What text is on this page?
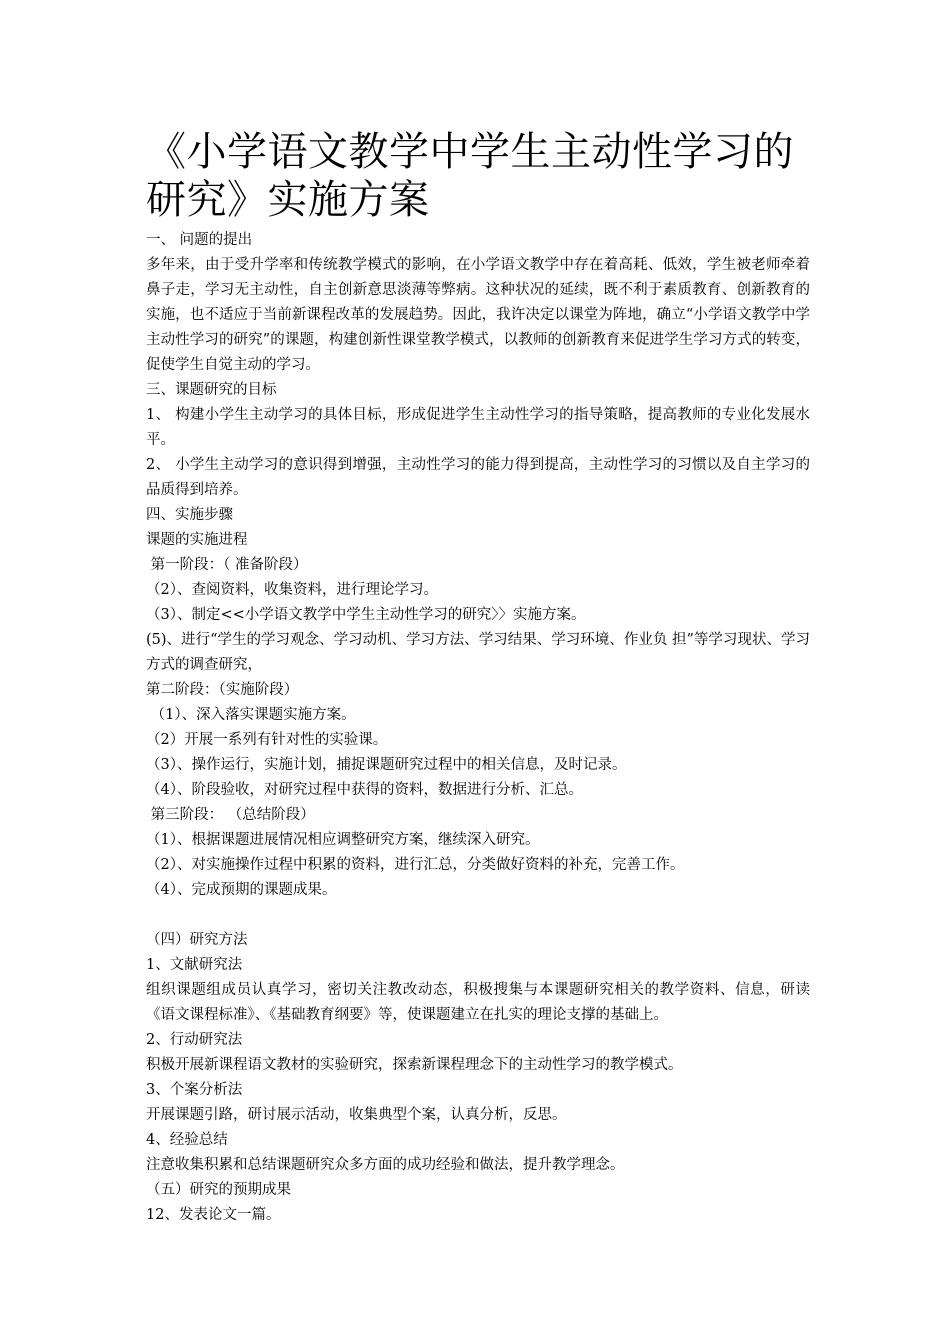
《小学语文教学中学生主动性学习的研究》实施方案

一、 问题的提出

多年来，由于受升学率和传统教学模式的影响，在小学语文教学中存在着高耗、低效，学生被老师牵着鼻子走，学习无主动性，自主创新意思淡薄等弊病。这种状况的延续，既不利于素质教育、创新教育的实施，也不适应于当前新课程改革的发展趋势。因此，我许决定以课堂为阵地，确立“小学语文教学中学主动性学习的研究”的课题，构建创新性课堂教学模式，以教师的创新教育来促进学生学习方式的转变，促使学生自觉主动的学习。

三、课题研究的目标

1、 构建小学生主动学习的具体目标，形成促进学生主动性学习的指导策略，提高教师的专业化发展水平。

2、 小学生主动学习的意识得到增强，主动性学习的能力得到提高，主动性学习的习惯以及自主学习的品质得到培养。

四、实施步骤

课题的实施进程

第一阶段：（ 准备阶段）

（2）、查阅资料，收集资料，进行理论学习。

（3）、制定<<小学语文教学中学生主动性学习的研究〉〉实施方案。

(5)、进行“学生的学习观念、学习动机、学习方法、学习结果、学习环境、作业负 担”等学习现状、学习方式的调查研究，

第二阶段：（实施阶段）

（1）、深入落实课题实施方案。

（2）开展一系列有针对性的实验课。

（3）、操作运行，实施计划，捕捉课题研究过程中的相关信息，及时记录。

（4）、阶段验收，对研究过程中获得的资料，数据进行分析、汇总。

第三阶段： （总结阶段）

（1）、根据课题进展情况相应调整研究方案，继续深入研究。

（2）、对实施操作过程中积累的资料，进行汇总，分类做好资料的补充，完善工作。

（4）、完成预期的课题成果。

（四）研究方法

1、文献研究法

组织课题组成员认真学习，密切关注教改动态，积极搜集与本课题研究相关的教学资料、信息，研读《语文课程标准》、《基础教育纲要》等，使课题建立在扎实的理论支撑的基础上。

2、行动研究法

积极开展新课程语文教材的实验研究，探索新课程理念下的主动性学习的教学模式。

3、个案分析法

开展课题引路，研讨展示活动，收集典型个案，认真分析，反思。

4、经验总结

注意收集积累和总结课题研究众多方面的成功经验和做法，提升教学理念。

（五）研究的预期成果

12、发表论文一篇。
